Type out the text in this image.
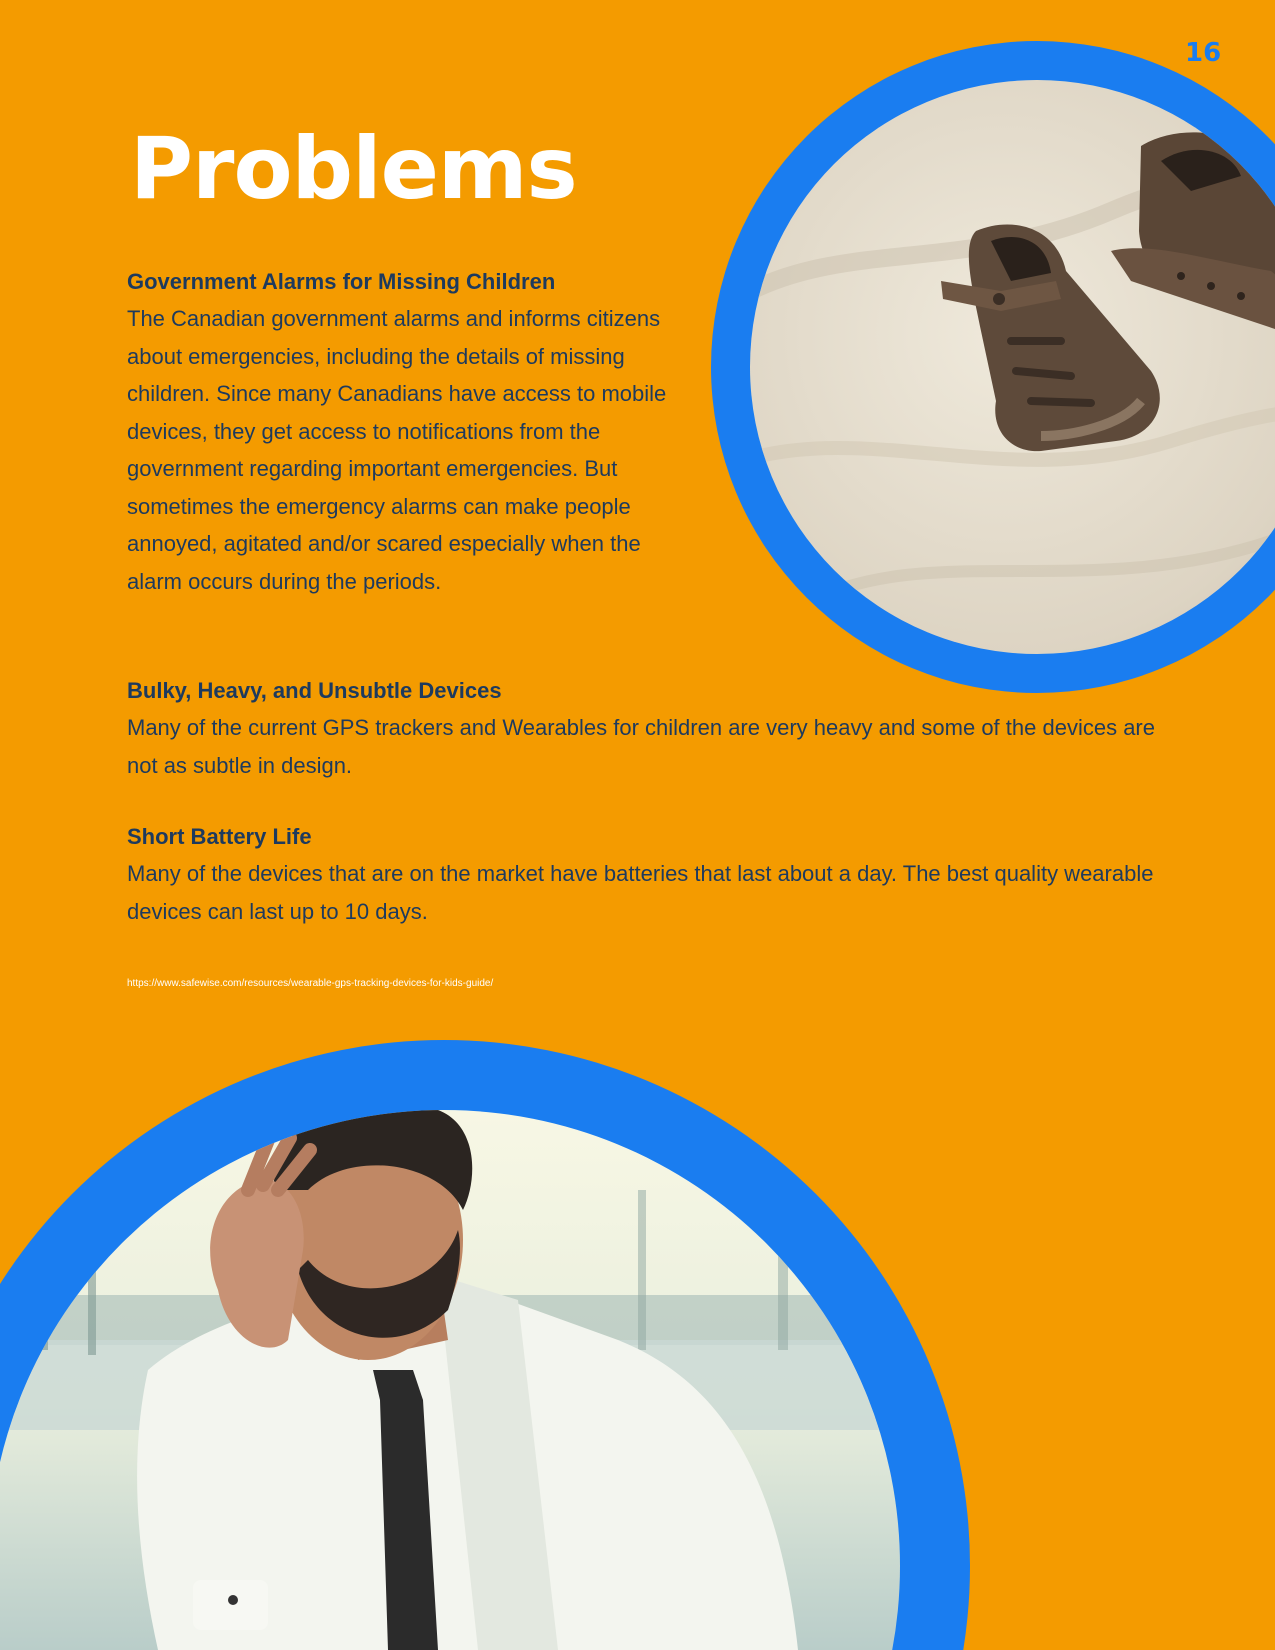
16
Problems

Government Alarms for Missing Children

The Canadian government alarms and informs citizens about emergencies, including the details of missing children. Since many Canadians have access to mobile devices, they get access to notifications from the government regarding important emergencies. But sometimes the emergency alarms can make people annoyed, agitated and/or scared especially when the alarm occurs during the periods.

Bulky, Heavy, and Unsubtle Devices

Many of the current GPS trackers and Wearables for children are very heavy and some of the devices are not as subtle in design.

Short Battery Life

Many of the devices that are on the market have batteries that last about a day. The best quality wearable devices can last up to 10 days.

https://www.safewise.com/resources/wearable-gps-tracking-devices-for-kids-guide/
